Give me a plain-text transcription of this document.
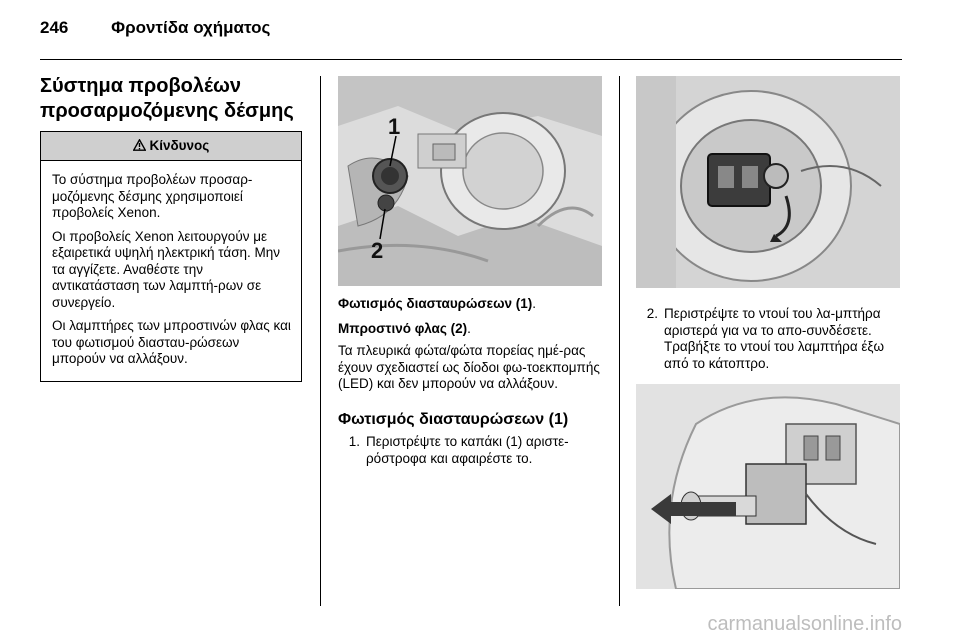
246	Φροντίδα οχήματος
Σύστημα προβολέων
προσαρμοζόμενης δέσμης
Κίνδυνος

Το σύστημα προβολέων προσαρ-μοζόμενης δέσμης χρησιμοποιεί προβολείς Xenon.

Οι προβολείς Xenon λειτουργούν με εξαιρετικά υψηλή ηλεκτρική τάση. Μην τα αγγίζετε. Αναθέστε την αντικατάσταση των λαμπτή-ρων σε συνεργείο.

Οι λαμπτήρες των μπροστινών φλας και του φωτισμού διασταυ-ρώσεων μπορούν να αλλάξουν.

1
2
Φωτισμός διασταυρώσεων (1).
Μπροστινό φλας (2).
Τα πλευρικά φώτα/φώτα πορείας ημέ-ρας έχουν σχεδιαστεί ως δίοδοι φω-τοεκπομπής (LED) και δεν μπορούν να αλλάξουν.
Φωτισμός διασταυρώσεων (1)
1. Περιστρέψτε το καπάκι (1) αριστε-ρόστροφα και αφαιρέστε το.
2. Περιστρέψτε το ντουί του λα-μπτήρα αριστερά για να το απο-συνδέσετε. Τραβήξτε το ντουί του λαμπτήρα έξω από το κάτοπτρο.
carmanualsonline.info
